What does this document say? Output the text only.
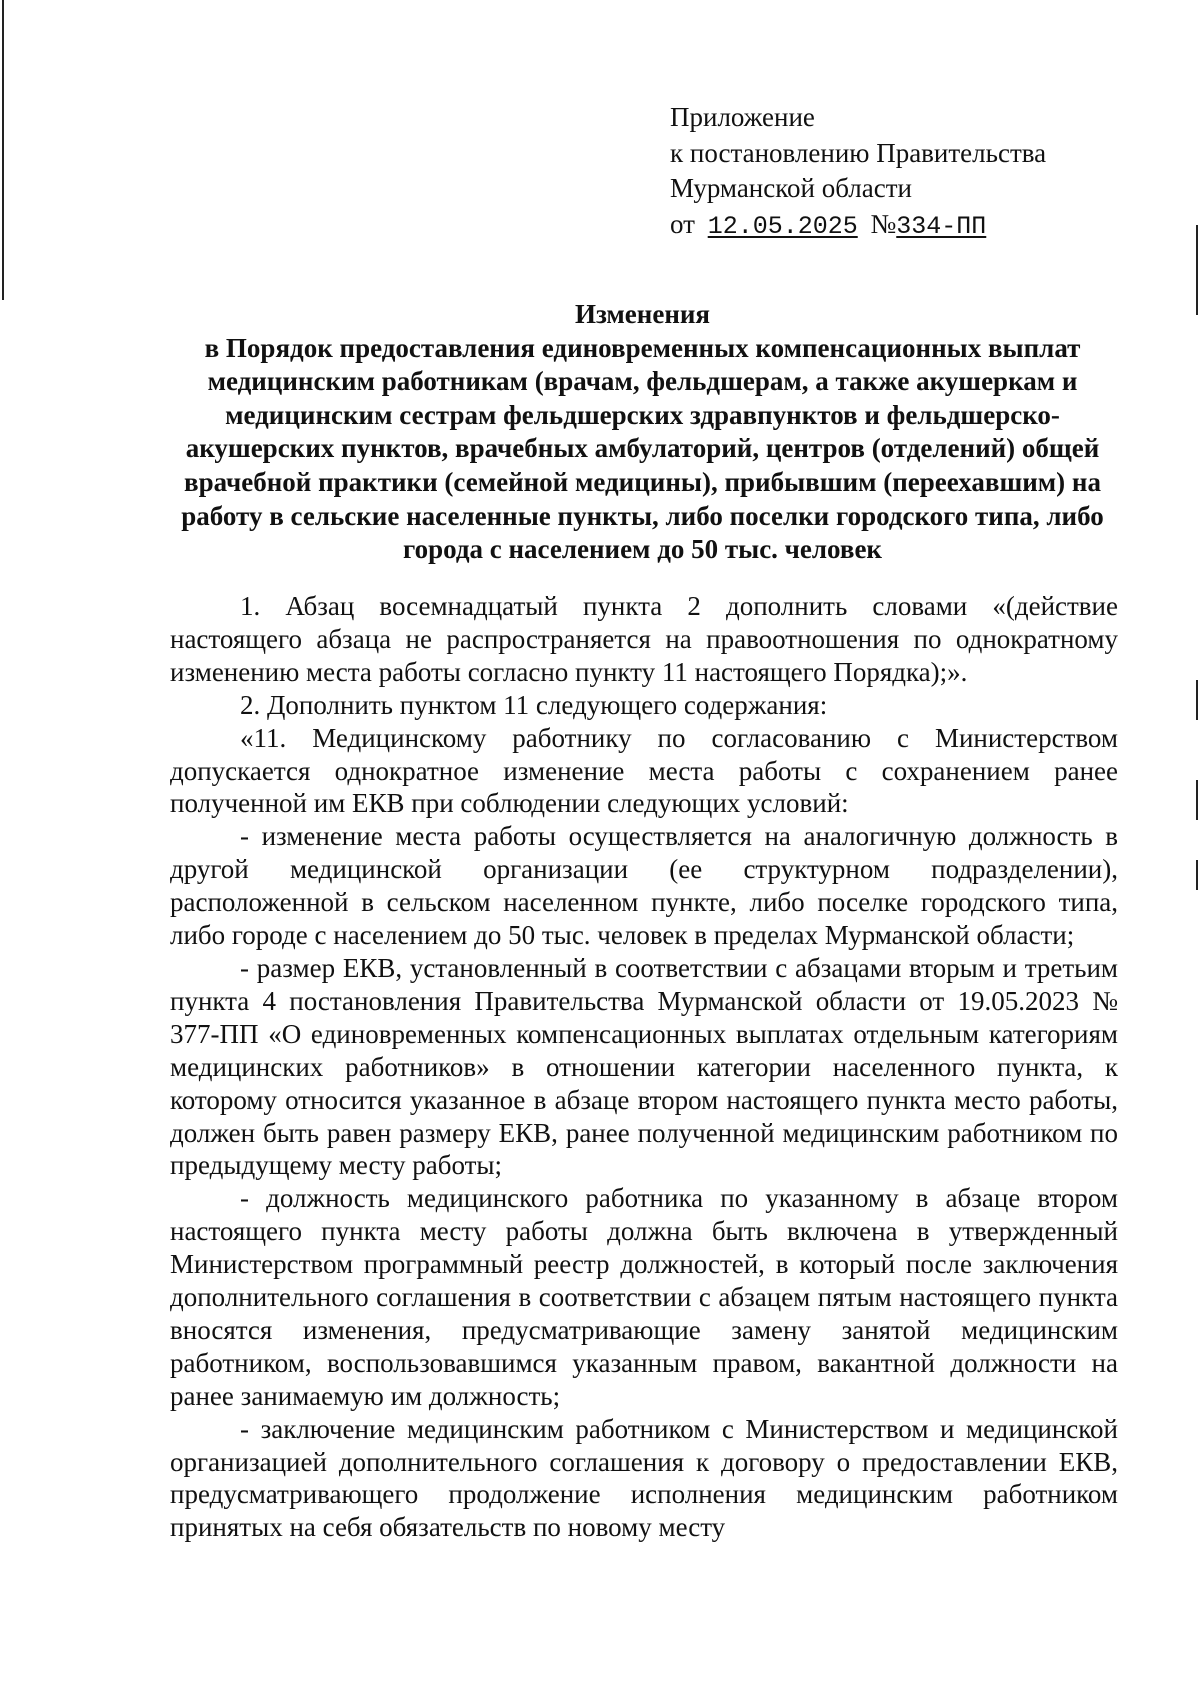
Приложение
к постановлению Правительства
Мурманской области
от 12.05.2025 №334-ПП
Изменения
в Порядок предоставления единовременных компенсационных выплат медицинским работникам (врачам, фельдшерам, а также акушеркам и медицинским сестрам фельдшерских здравпунктов и фельдшерско-акушерских пунктов, врачебных амбулаторий, центров (отделений) общей врачебной практики (семейной медицины), прибывшим (переехавшим) на работу в сельские населенные пункты, либо поселки городского типа, либо города с населением до 50 тыс. человек

1. Абзац восемнадцатый пункта 2 дополнить словами «(действие настоящего абзаца не распространяется на правоотношения по однократному изменению места работы согласно пункту 11 настоящего Порядка);».

2. Дополнить пунктом 11 следующего содержания:

«11. Медицинскому работнику по согласованию с Министерством допускается однократное изменение места работы с сохранением ранее полученной им ЕКВ при соблюдении следующих условий:

- изменение места работы осуществляется на аналогичную должность в другой медицинской организации (ее структурном подразделении), расположенной в сельском населенном пункте, либо поселке городского типа, либо городе с населением до 50 тыс. человек в пределах Мурманской области;

- размер ЕКВ, установленный в соответствии с абзацами вторым и третьим пункта 4 постановления Правительства Мурманской области от 19.05.2023 № 377-ПП «О единовременных компенсационных выплатах отдельным категориям медицинских работников» в отношении категории населенного пункта, к которому относится указанное в абзаце втором настоящего пункта место работы, должен быть равен размеру ЕКВ, ранее полученной медицинским работником по предыдущему месту работы;

- должность медицинского работника по указанному в абзаце втором настоящего пункта месту работы должна быть включена в утвержденный Министерством программный реестр должностей, в который после заключения дополнительного соглашения в соответствии с абзацем пятым настоящего пункта вносятся изменения, предусматривающие замену занятой медицинским работником, воспользовавшимся указанным правом, вакантной должности на ранее занимаемую им должность;

- заключение медицинским работником с Министерством и медицинской организацией дополнительного соглашения к договору о предоставлении ЕКВ, предусматривающего продолжение исполнения медицинским работником принятых на себя обязательств по новому месту
